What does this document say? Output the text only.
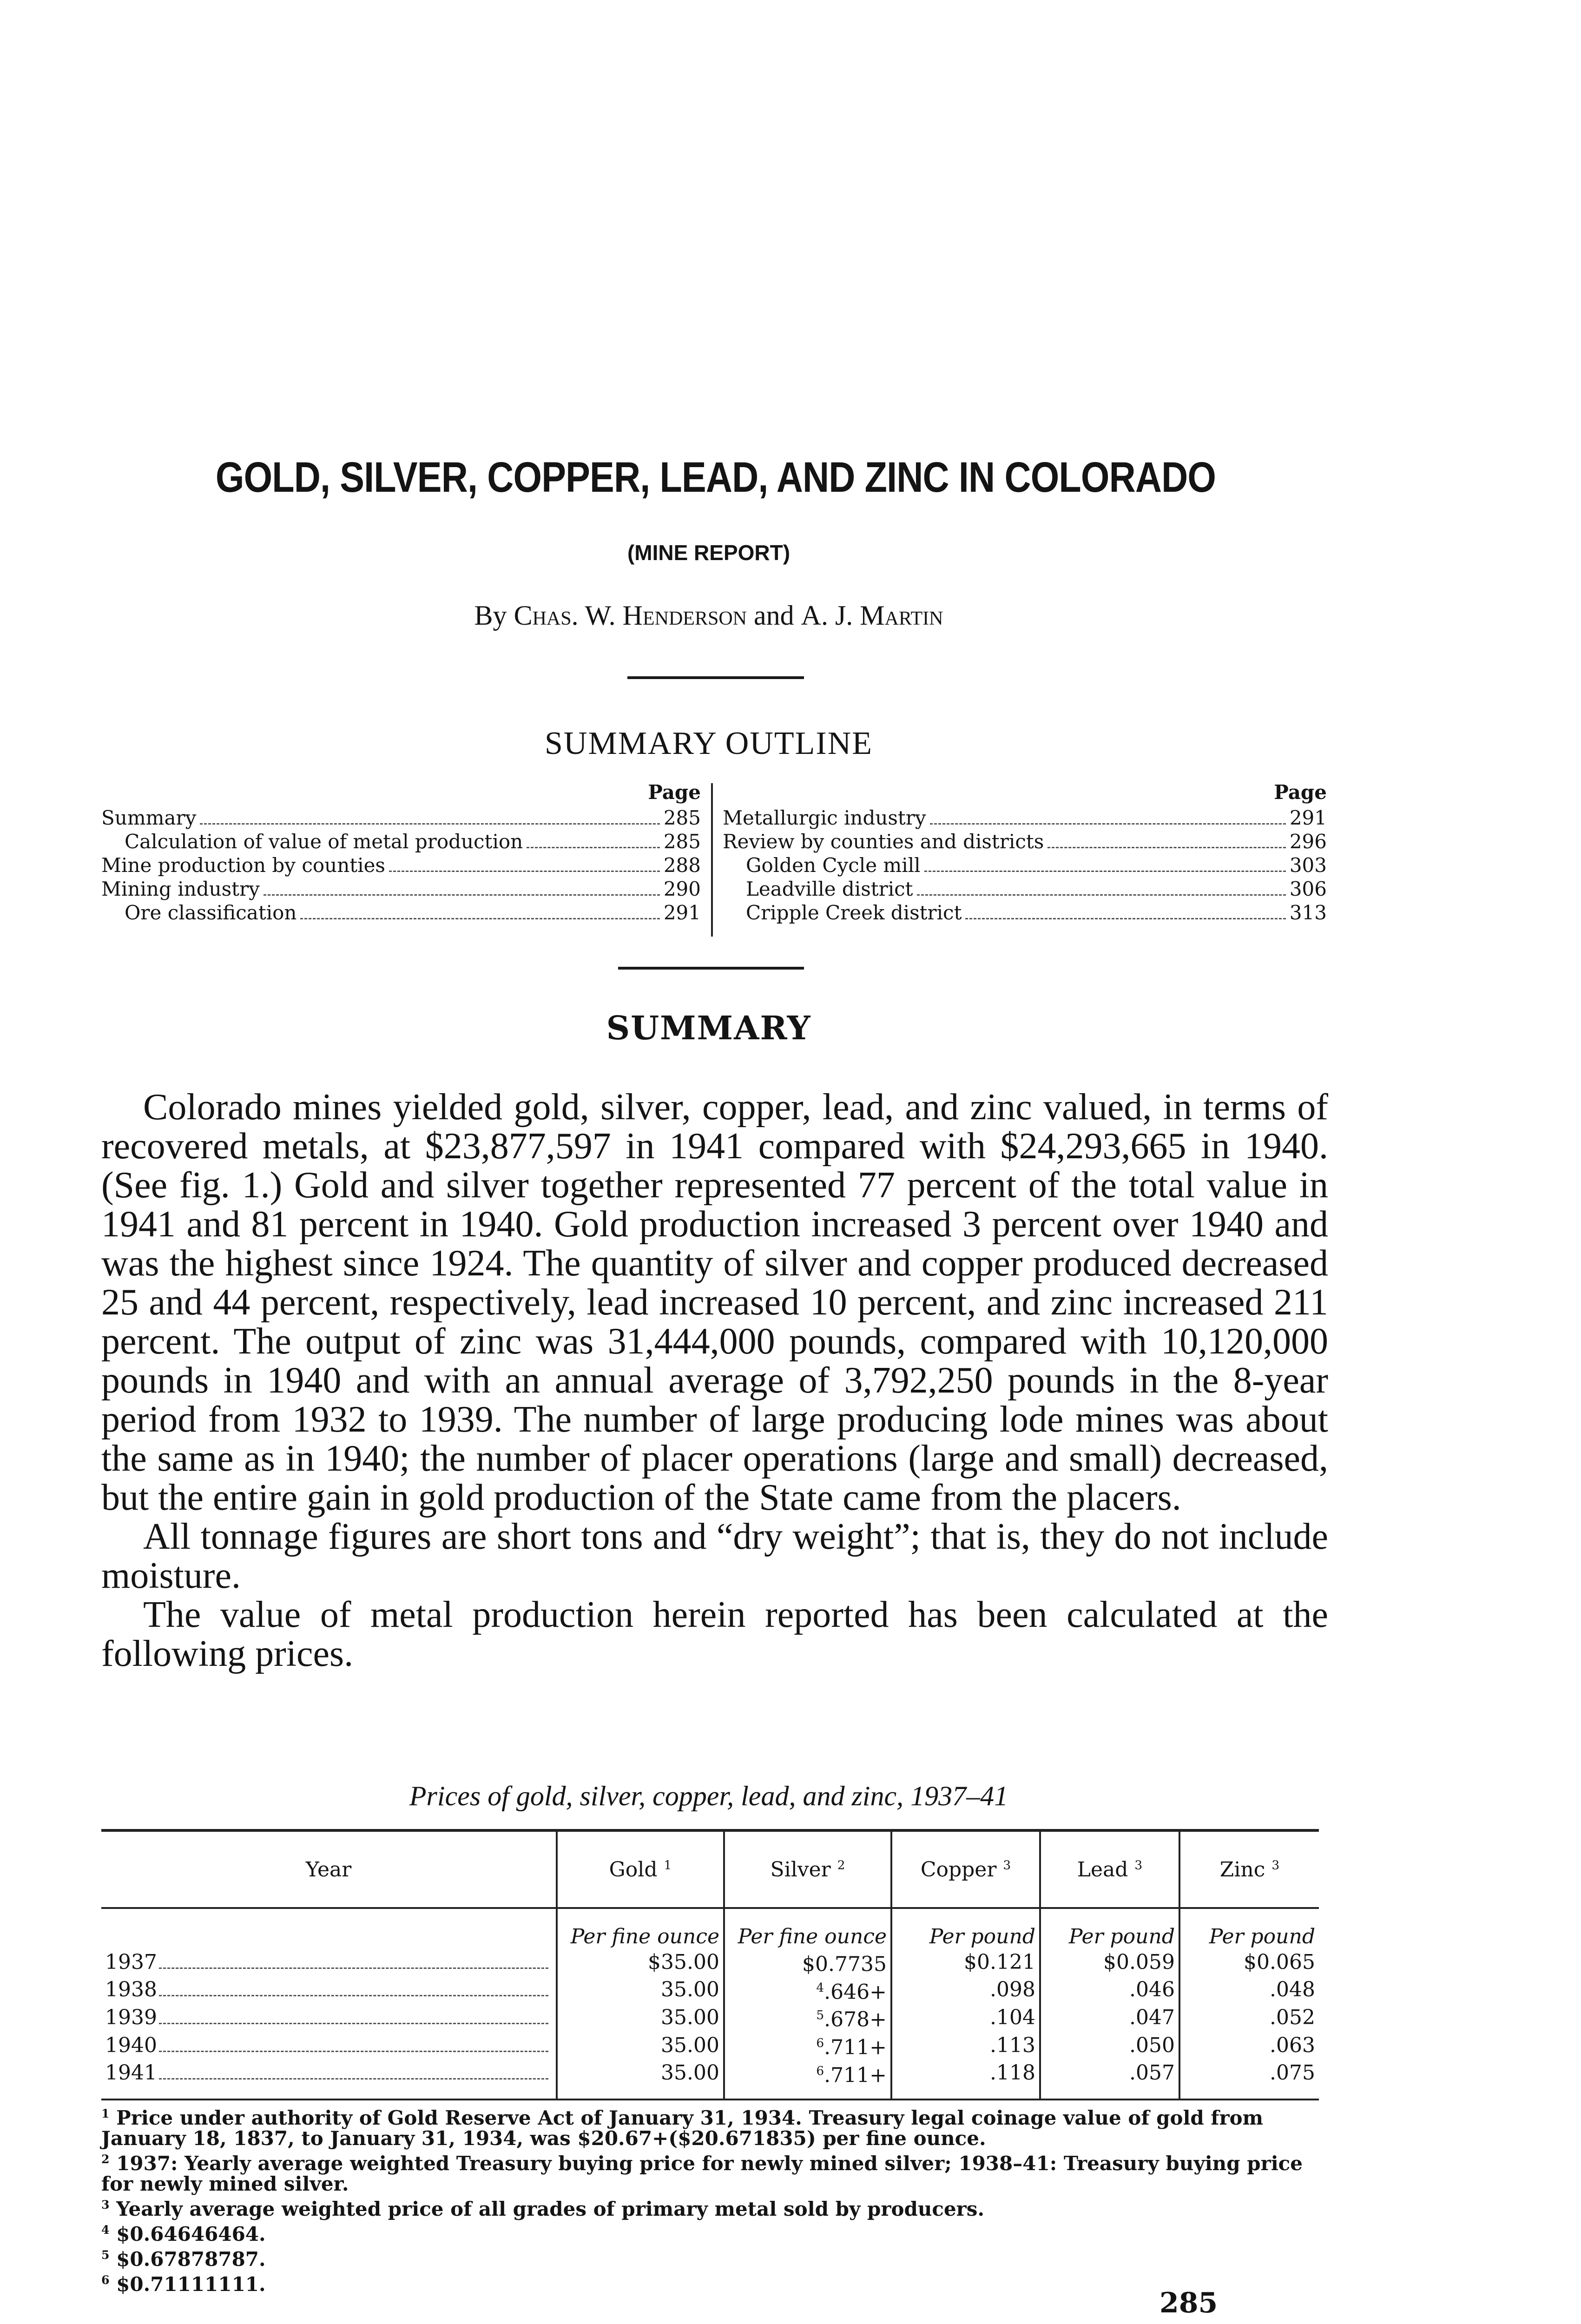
GOLD, SILVER, COPPER, LEAD, AND ZINC IN COLORADO
(MINE REPORT)
By Chas. W. Henderson and A. J. Martin
SUMMARY OUTLINE
Page
Summary	285
Calculation of value of metal production	285
Mine production by counties	288
Mining industry	290
Ore classification	291
Page
Metallurgic industry	291
Review by counties and districts	296
Golden Cycle mill	303
Leadville district	306
Cripple Creek district	313
SUMMARY

Colorado mines yielded gold, silver, copper, lead, and zinc valued, in terms of recovered metals, at $23,877,597 in 1941 compared with $24,293,665 in 1940. (See fig. 1.) Gold and silver together represented 77 percent of the total value in 1941 and 81 percent in 1940. Gold production increased 3 percent over 1940 and was the highest since 1924. The quantity of silver and copper produced decreased 25 and 44 percent, respectively, lead increased 10 percent, and zinc increased 211 percent. The output of zinc was 31,444,000 pounds, compared with 10,120,000 pounds in 1940 and with an annual average of 3,792,250 pounds in the 8-year period from 1932 to 1939. The number of large producing lode mines was about the same as in 1940; the number of placer operations (large and small) decreased, but the entire gain in gold production of the State came from the placers.

All tonnage figures are short tons and “dry weight”; that is, they do not include moisture.

The value of metal production herein reported has been calculated at the following prices.

Prices of gold, silver, copper, lead, and zinc, 1937–41
Year	Gold $^1$	Silver $^2$	Copper $^3$	Lead $^3$	Zinc $^3$
	Per fine ounce	Per fine ounce	Per pound	Per pound	Per pound

1937	$35.00	$0.7735	$0.121	$0.059	$0.065

1938	35.00	$^4$.646+	.098	.046	.048

1939	35.00	$^5$.678+	.104	.047	.052

1940	35.00	$^6$.711+	.113	.050	.063

1941	35.00	$^6$.711+	.118	.057	.075
$^1$ Price under authority of Gold Reserve Act of January 31, 1934. Treasury legal coinage value of gold from January 18, 1837, to January 31, 1934, was $20.67+($20.671835) per fine ounce.
$^2$ 1937: Yearly average weighted Treasury buying price for newly mined silver; 1938–41: Treasury buying price for newly mined silver.
$^3$ Yearly average weighted price of all grades of primary metal sold by producers.
$^4$ $0.64646464.
$^5$ $0.67878787.
$^6$ $0.71111111.
285
